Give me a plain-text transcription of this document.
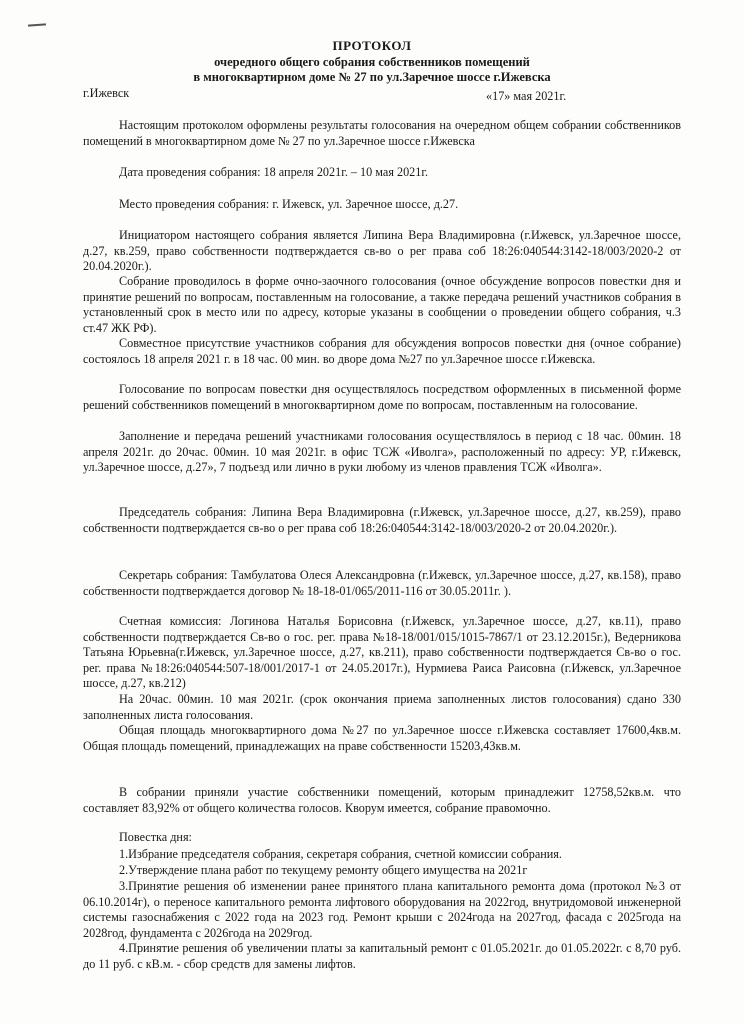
ПРОТОКОЛ
очередного общего собрания собственников помещений
в многоквартирном доме № 27 по ул.Заречное шоссе г.Ижевска
г.Ижевск	«17» мая 2021г.

Настоящим протоколом оформлены результаты голосования на очередном общем собрании собственников помещений в многоквартирном доме № 27 по ул.Заречное шоссе г.Ижевска

Дата проведения собрания: 18 апреля 2021г. – 10 мая 2021г.

Место проведения собрания: г. Ижевск, ул. Заречное шоссе, д.27.

Инициатором настоящего собрания является Липина Вера Владимировна (г.Ижевск, ул.Заречное шоссе, д.27, кв.259, право собственности подтверждается св-во о рег права соб 18:26:040544:3142-18/003/2020-2 от 20.04.2020г.).

Собрание проводилось в форме очно-заочного голосования (очное обсуждение вопросов повестки дня и принятие решений по вопросам, поставленным на голосование, а также передача решений участников собрания в установленный срок в место или по адресу, которые указаны в сообщении о проведении общего собрания, ч.3 ст.47 ЖК РФ).

Совместное присутствие участников собрания для обсуждения вопросов повестки дня (очное собрание) состоялось 18 апреля 2021 г. в 18 час. 00 мин. во дворе дома №27 по ул.Заречное шоссе г.Ижевска.

Голосование по вопросам повестки дня осуществлялось посредством оформленных в письменной форме решений собственников помещений в многоквартирном доме по вопросам, поставленным на голосование.

Заполнение и передача решений участниками голосования осуществлялось в период с 18 час. 00мин. 18 апреля 2021г. до 20час. 00мин. 10 мая 2021г. в офис ТСЖ «Иволга», расположенный по адресу: УР, г.Ижевск, ул.Заречное шоссе, д.27», 7 подъезд или лично в руки любому из членов правления ТСЖ «Иволга».

Председатель собрания: Липина Вера Владимировна (г.Ижевск, ул.Заречное шоссе, д.27, кв.259), право собственности подтверждается св-во о рег права соб 18:26:040544:3142-18/003/2020-2 от 20.04.2020г.).

Секретарь собрания: Тамбулатова Олеся Александровна (г.Ижевск, ул.Заречное шоссе, д.27, кв.158), право собственности подтверждается договор № 18-18-01/065/2011-116 от 30.05.2011г. ).

Счетная комиссия: Логинова Наталья Борисовна (г.Ижевск, ул.Заречное шоссе, д.27, кв.11), право собственности подтверждается Св-во о гос. рег. права №18-18/001/015/1015-7867/1 от 23.12.2015г.), Ведерникова Татьяна Юрьевна(г.Ижевск, ул.Заречное шоссе, д.27, кв.211), право собственности подтверждается Св-во о гос. рег. права №18:26:040544:507-18/001/2017-1 от 24.05.2017г.), Нурмиева Раиса Раисовна (г.Ижевск, ул.Заречное шоссе, д.27, кв.212)

На 20час. 00мин. 10 мая 2021г. (срок окончания приема заполненных листов голосования) сдано 330 заполненных листа голосования.

Общая площадь многоквартирного дома №27 по ул.Заречное шоссе г.Ижевска составляет 17600,4кв.м. Общая площадь помещений, принадлежащих на праве собственности 15203,43кв.м.

В собрании приняли участие собственники помещений, которым принадлежит 12758,52кв.м. что составляет 83,92% от общего количества голосов. Кворум имеется, собрание правомочно.

Повестка дня:

1.Избрание председателя собрания, секретаря собрания, счетной комиссии собрания.

2.Утверждение плана работ по текущему ремонту общего имущества на 2021г

3.Принятие решения об изменении ранее принятого плана капитального ремонта дома (протокол №3 от 06.10.2014г), о переносе капитального ремонта лифтового оборудования на 2022год, внутридомовой инженерной системы газоснабжения с 2022 года на 2023 год. Ремонт крыши с 2024года на 2027год, фасада с 2025года на 2028год, фундамента с 2026года на 2029год.

4.Принятие решения об увеличении платы за капитальный ремонт с 01.05.2021г. до 01.05.2022г. с 8,70 руб. до 11 руб. с кВ.м. - сбор средств для замены лифтов.
